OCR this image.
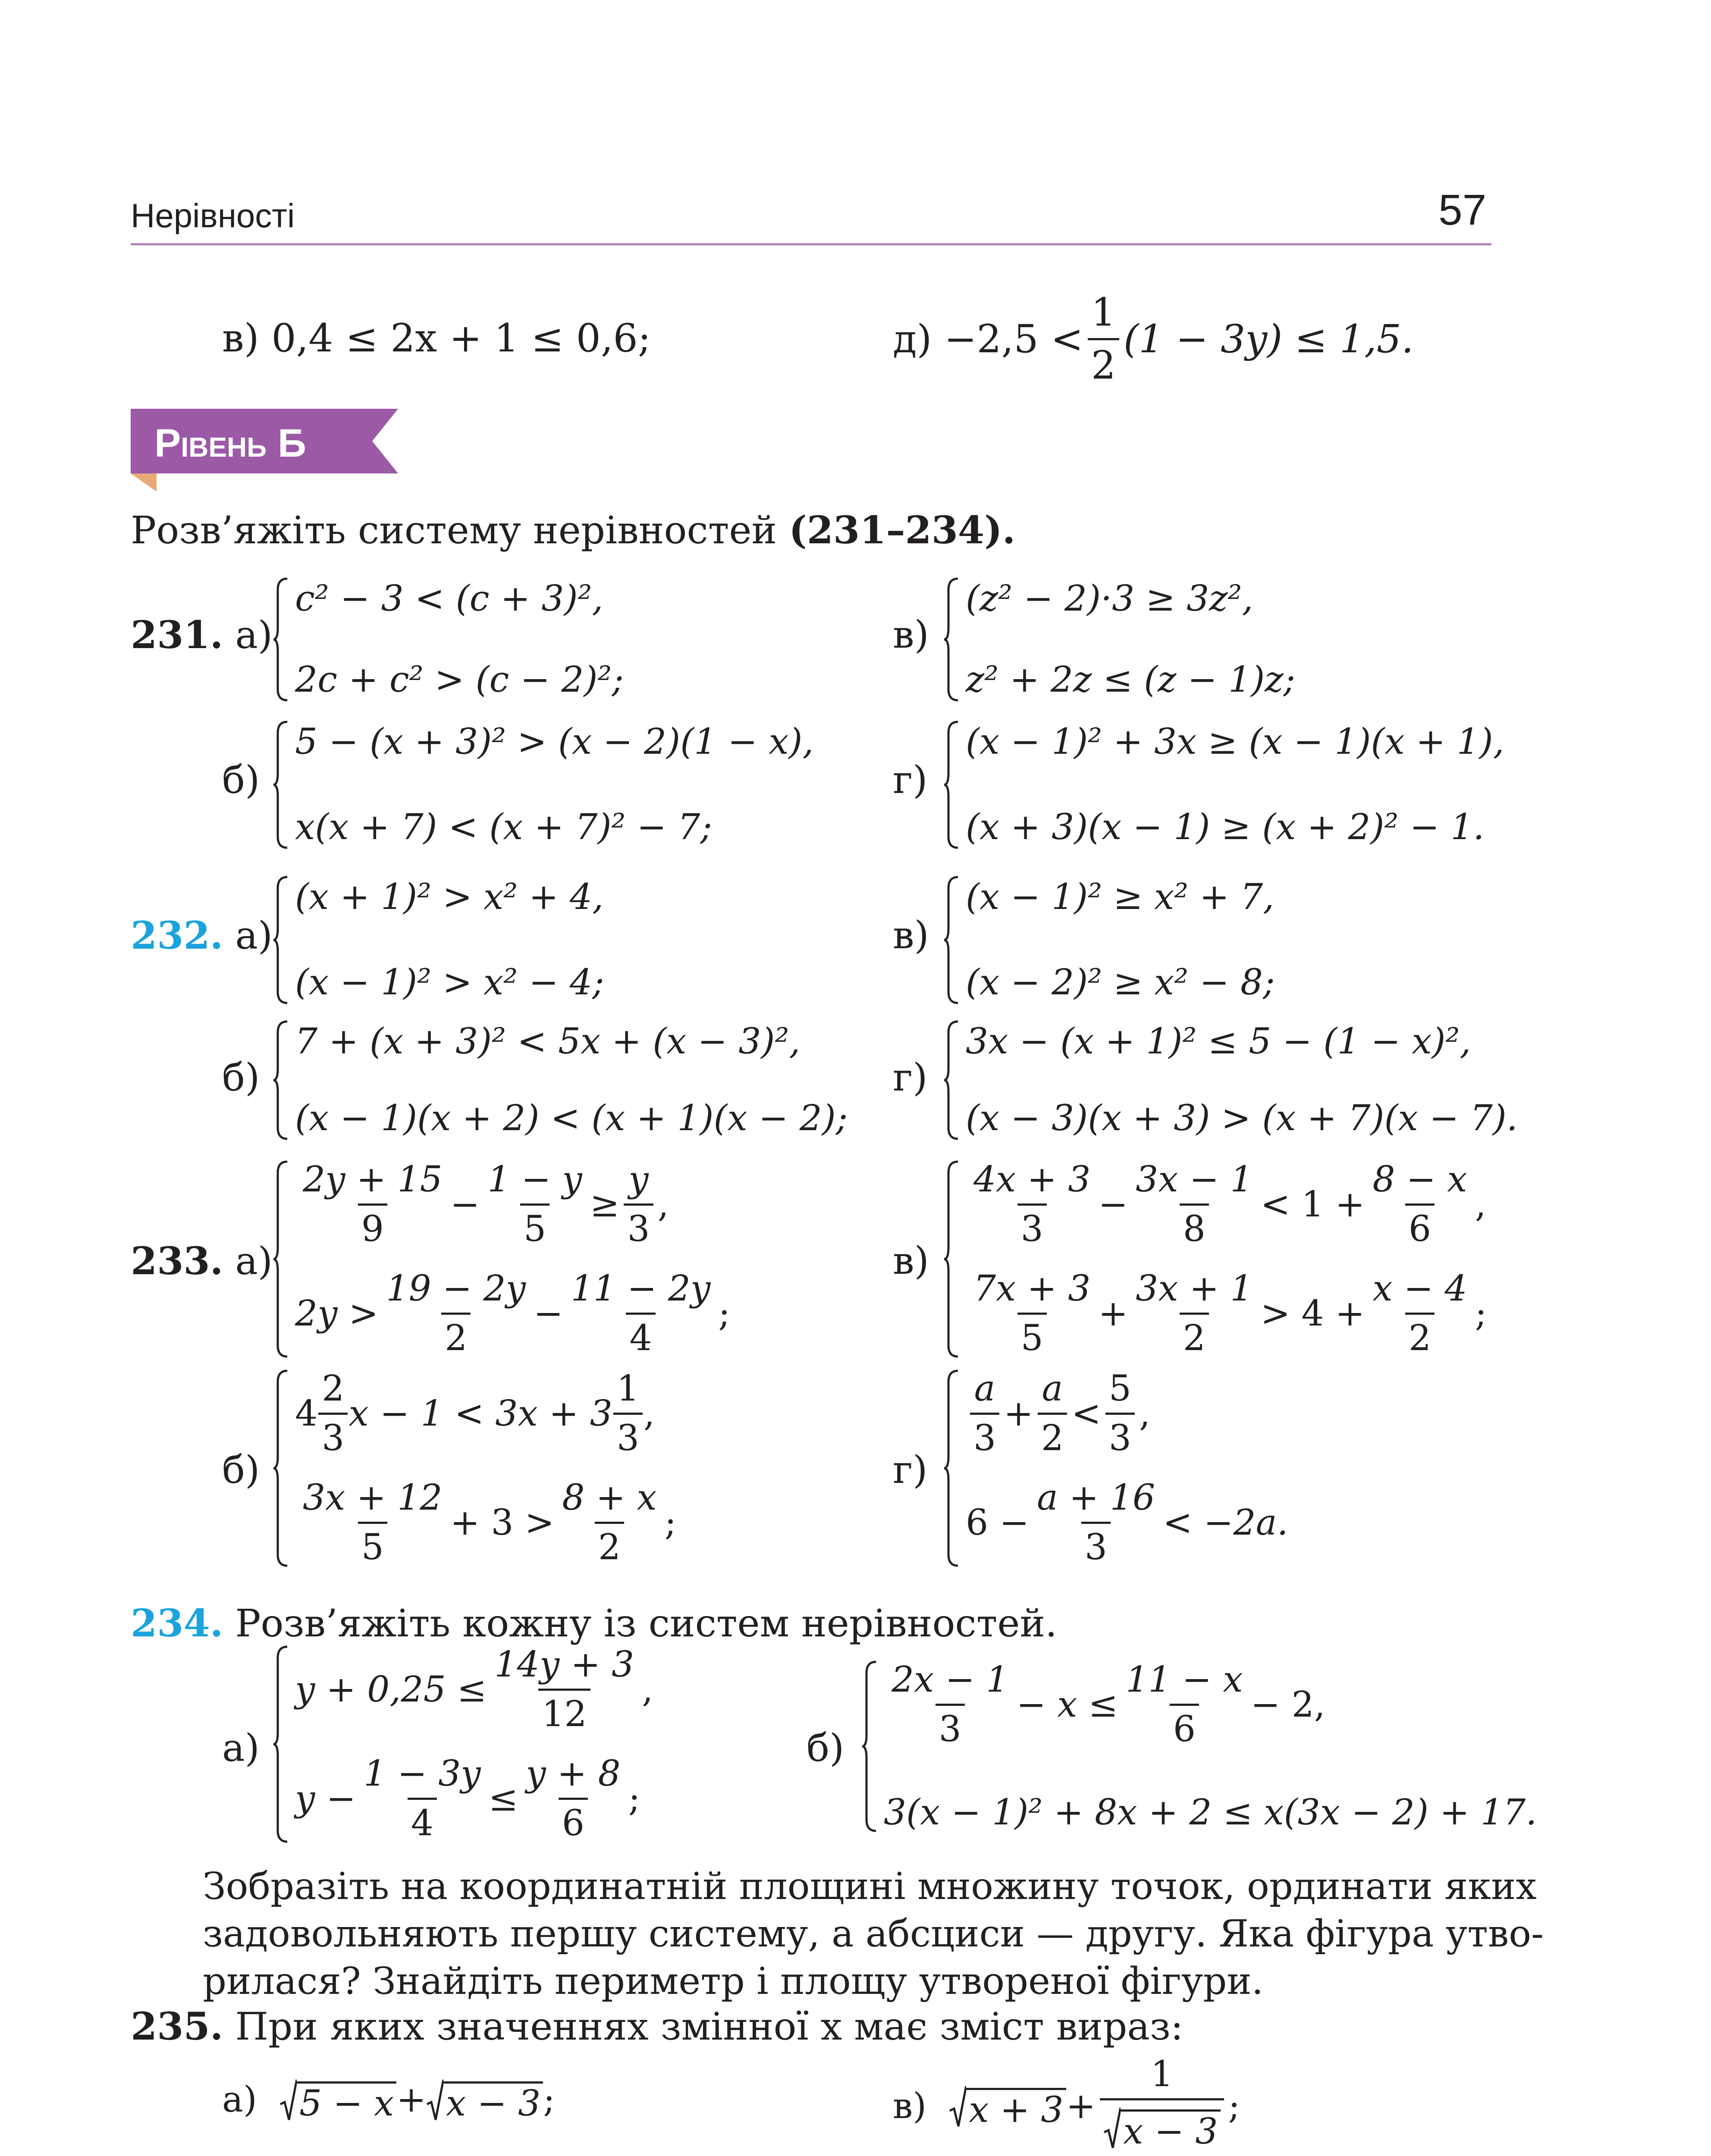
Нерівності	57
в)
0,4 ≤ 2x + 1 ≤ 0,6;	д)
$-2,5 < \frac{1}{2} (1 - 3y) \le 1,5$.
Рівень Б
Розв’яжіть систему нерівностей (231–234).
231. а)
c² − 3 < (c + 3)²,
2c + c² > (c − 2)²;
в)
(z² − 2)·3 ≥ 3z²,
z² + 2z ≤ (z − 1)z;
б)
5 − (x + 3)² > (x − 2)(1 − x),
x(x + 7) < (x + 7)² − 7;
г)
(x − 1)² + 3x ≥ (x − 1)(x + 1),
(x + 3)(x − 1) ≥ (x + 2)² − 1.
232. а)
(x + 1)² > x² + 4,
(x − 1)² > x² − 4;
в)
(x − 1)² ≥ x² + 7,
(x − 2)² ≥ x² − 8;
б)
7 + (x + 3)² < 5x + (x − 3)²,
(x − 1)(x + 2) < (x + 1)(x − 2);
г)
3x − (x + 1)² ≤ 5 − (1 − x)²,
(x − 3)(x + 3) > (x + 7)(x − 7).
233. а)
$\frac{2y + 15}{9} - \frac{1 - y}{5} \ge \frac{y}{3}$ ,
$2y > \frac{19 - 2y}{2} - \frac{11 - 2y}{4}$ ;
в)
$\frac{4x + 3}{3} - \frac{3x - 1}{8} < 1 + \frac{8 - x}{6}$ ,
$\frac{7x + 3}{5} + \frac{3x + 1}{2} > 4 + \frac{x - 4}{2}$ ;
б)
$4 \frac{2}{3}$ $x - 1 < 3x + 3 \frac{1}{3}$ ,
$\frac{3x + 12}{5} + 3 > \frac{8 + x}{2}$ ;
г)
$\frac{a}{3} + \frac{a}{2} < \frac{5}{3}$ ,
$6 - \frac{a + 16}{3} < -2a$.
234. Розв’яжіть кожну із систем нерівностей.
а)
$y + 0,25 \le \frac{14y + 3}{12}$ ,
$y - \frac{1 - 3y}{4} \le \frac{y + 8}{6}$ ;
б)
$\frac{2x - 1}{3} - x \le \frac{11 - x}{6} - 2$,
3(x − 1)² + 8x + 2 ≤ x(3x − 2) + 17.
Зобразіть на координатній площині множину точок, ординати яких
задовольняють першу систему, а абсциси — другу. Яка фігура утво-
рилася? Знайдіть периметр і площу утвореної фігури.
235. При яких значеннях змінної x має зміст вираз:
а)
5 − x + x − 3 ;	в)
$x + 3 + \frac{1}{x - 3}$ ;
